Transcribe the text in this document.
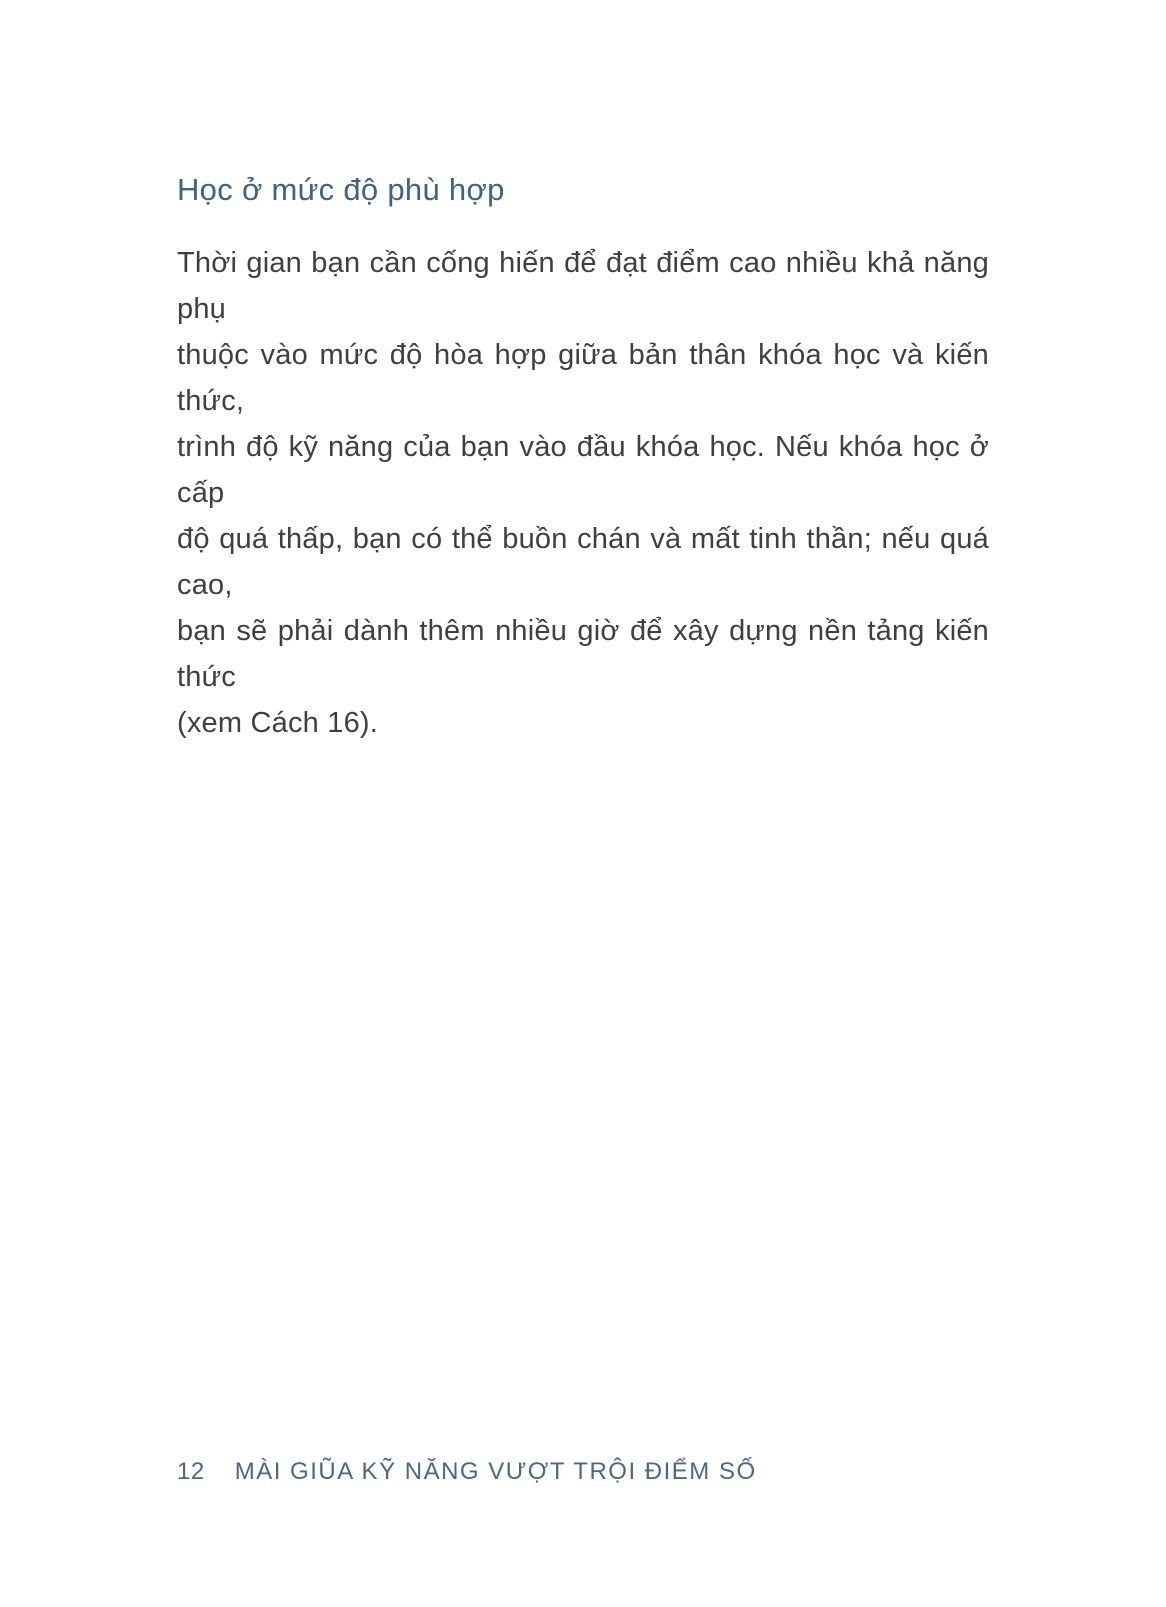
Học ở mức độ phù hợp
Thời gian bạn cần cống hiến để đạt điểm cao nhiều khả năng phụ
thuộc vào mức độ hòa hợp giữa bản thân khóa học và kiến thức,
trình độ kỹ năng của bạn vào đầu khóa học. Nếu khóa học ở cấp
độ quá thấp, bạn có thể buồn chán và mất tinh thần; nếu quá cao,
bạn sẽ phải dành thêm nhiều giờ để xây dựng nền tảng kiến thức
(xem Cách 16).
12 MÀI GIŨA KỸ NĂNG VƯỢT TRỘI ĐIỂM SỐ
